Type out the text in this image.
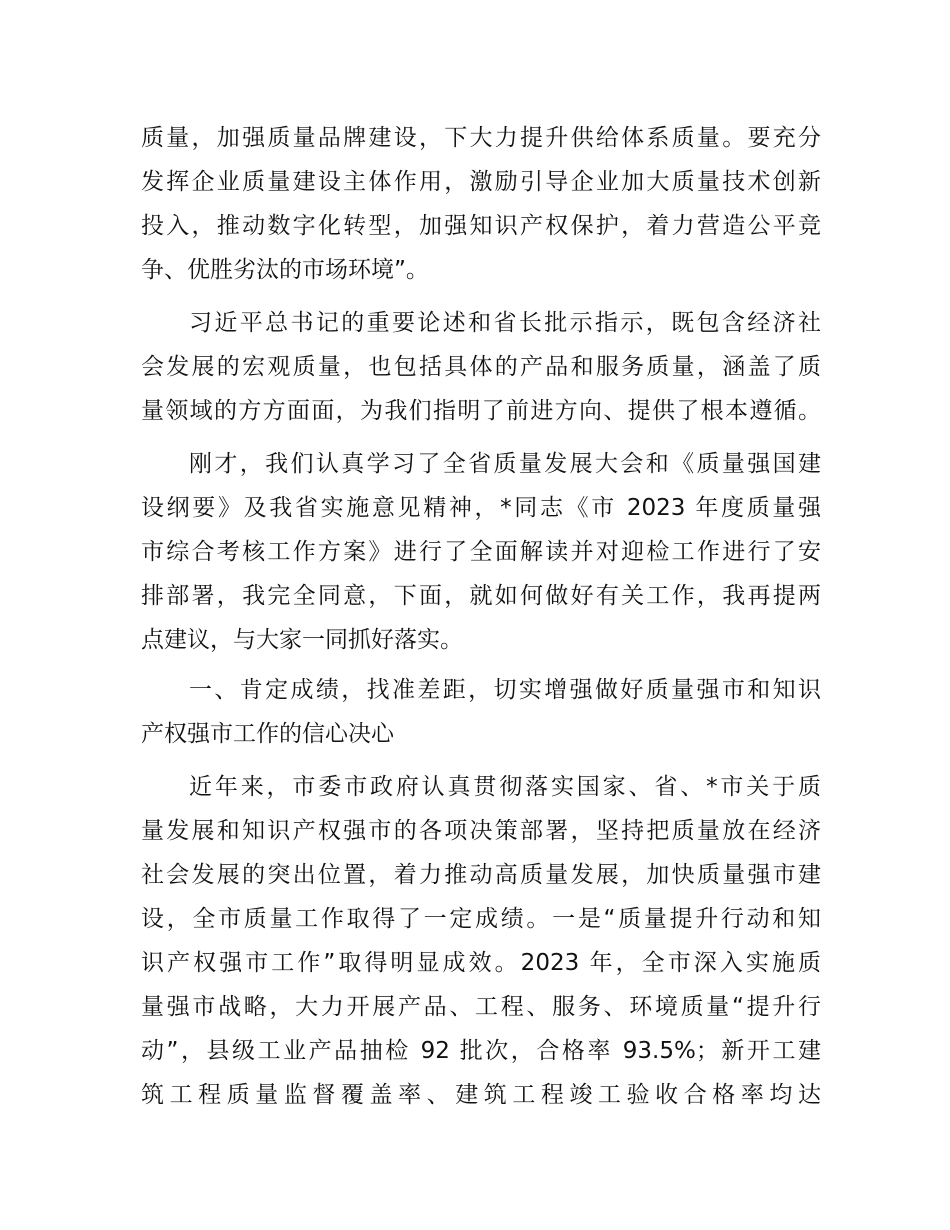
质量，加强质量品牌建设，下大力提升供给体系质量。要充分
发挥企业质量建设主体作用，激励引导企业加大质量技术创新
投入，推动数字化转型，加强知识产权保护，着力营造公平竞
争、优胜劣汰的市场环境”。
习近平总书记的重要论述和省长批示指示，既包含经济社
会发展的宏观质量，也包括具体的产品和服务质量，涵盖了质
量领域的方方面面，为我们指明了前进方向、提供了根本遵循。
刚才，我们认真学习了全省质量发展大会和《质量强国建
设纲要》及我省实施意见精神，*同志《市 2023 年度质量强
市综合考核工作方案》进行了全面解读并对迎检工作进行了安
排部署，我完全同意，下面，就如何做好有关工作，我再提两
点建议，与大家一同抓好落实。
一、肯定成绩，找准差距，切实增强做好质量强市和知识
产权强市工作的信心决心
近年来，市委市政府认真贯彻落实国家、省、*市关于质
量发展和知识产权强市的各项决策部署，坚持把质量放在经济
社会发展的突出位置，着力推动高质量发展，加快质量强市建
设，全市质量工作取得了一定成绩。一是“质量提升行动和知
识产权强市工作”取得明显成效。2023 年，全市深入实施质
量强市战略，大力开展产品、工程、服务、环境质量“提升行
动”，县级工业产品抽检 92 批次，合格率 93.5%；新开工建
筑工程质量监督覆盖率、建筑工程竣工验收合格率均达
